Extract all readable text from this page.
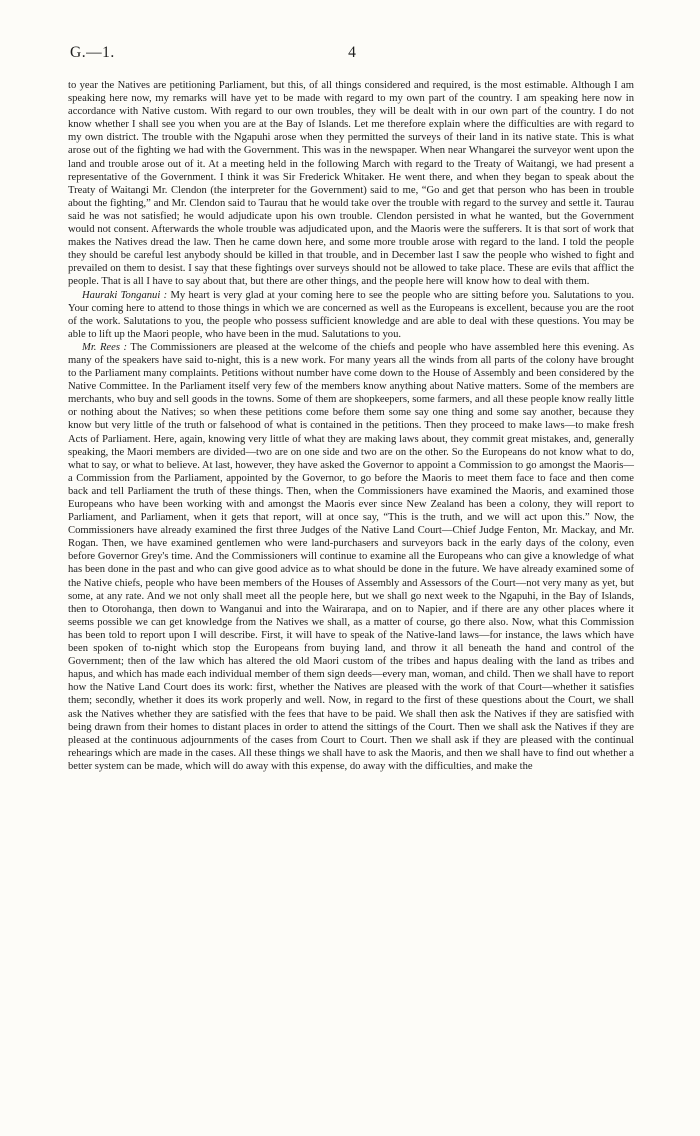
G.—1.	4

to year the Natives are petitioning Parliament, but this, of all things considered and required, is the most estimable. Although I am speaking here now, my remarks will have yet to be made with regard to my own part of the country. I am speaking here now in accordance with Native custom. With regard to our own troubles, they will be dealt with in our own part of the country. I do not know whether I shall see you when you are at the Bay of Islands. Let me therefore explain where the difficulties are with regard to my own district. The trouble with the Ngapuhi arose when they permitted the surveys of their land in its native state. This is what arose out of the fighting we had with the Government. This was in the newspaper. When near Whangarei the surveyor went upon the land and trouble arose out of it. At a meeting held in the following March with regard to the Treaty of Waitangi, we had present a representative of the Government. I think it was Sir Frederick Whitaker. He went there, and when they began to speak about the Treaty of Waitangi Mr. Clendon (the interpreter for the Government) said to me, “Go and get that person who has been in trouble about the fighting,” and Mr. Clendon said to Taurau that he would take over the trouble with regard to the survey and settle it. Taurau said he was not satisfied; he would adjudicate upon his own trouble. Clendon persisted in what he wanted, but the Government would not consent. Afterwards the whole trouble was adjudicated upon, and the Maoris were the sufferers. It is that sort of work that makes the Natives dread the law. Then he came down here, and some more trouble arose with regard to the land. I told the people they should be careful lest anybody should be killed in that trouble, and in December last I saw the people who wished to fight and prevailed on them to desist. I say that these fightings over surveys should not be allowed to take place. These are evils that afflict the people. That is all I have to say about that, but there are other things, and the people here will know how to deal with them.

Hauraki Tonganui : My heart is very glad at your coming here to see the people who are sitting before you. Salutations to you. Your coming here to attend to those things in which we are concerned as well as the Europeans is excellent, because you are the root of the work. Salutations to you, the people who possess sufficient knowledge and are able to deal with these questions. You may be able to lift up the Maori people, who have been in the mud. Salutations to you.

Mr. Rees : The Commissioners are pleased at the welcome of the chiefs and people who have assembled here this evening. As many of the speakers have said to-night, this is a new work. For many years all the winds from all parts of the colony have brought to the Parliament many complaints. Petitions without number have come down to the House of Assembly and been considered by the Native Committee. In the Parliament itself very few of the members know anything about Native matters. Some of the members are merchants, who buy and sell goods in the towns. Some of them are shopkeepers, some farmers, and all these people know really little or nothing about the Natives; so when these petitions come before them some say one thing and some say another, because they know but very little of the truth or falsehood of what is contained in the petitions. Then they proceed to make laws—to make fresh Acts of Parliament. Here, again, knowing very little of what they are making laws about, they commit great mistakes, and, generally speaking, the Maori members are divided—two are on one side and two are on the other. So the Europeans do not know what to do, what to say, or what to believe. At last, however, they have asked the Governor to appoint a Commission to go amongst the Maoris—a Commission from the Parliament, appointed by the Governor, to go before the Maoris to meet them face to face and then come back and tell Parliament the truth of these things. Then, when the Commissioners have examined the Maoris, and examined those Europeans who have been working with and amongst the Maoris ever since New Zealand has been a colony, they will report to Parliament, and Parliament, when it gets that report, will at once say, “This is the truth, and we will act upon this.” Now, the Commissioners have already examined the first three Judges of the Native Land Court—Chief Judge Fenton, Mr. Mackay, and Mr. Rogan. Then, we have examined gentlemen who were land-purchasers and surveyors back in the early days of the colony, even before Governor Grey's time. And the Commissioners will continue to examine all the Europeans who can give a knowledge of what has been done in the past and who can give good advice as to what should be done in the future. We have already examined some of the Native chiefs, people who have been members of the Houses of Assembly and Assessors of the Court—not very many as yet, but some, at any rate. And we not only shall meet all the people here, but we shall go next week to the Ngapuhi, in the Bay of Islands, then to Otorohanga, then down to Wanganui and into the Wairarapa, and on to Napier, and if there are any other places where it seems possible we can get knowledge from the Natives we shall, as a matter of course, go there also. Now, what this Commission has been told to report upon I will describe. First, it will have to speak of the Native-land laws—for instance, the laws which have been spoken of to-night which stop the Europeans from buying land, and throw it all beneath the hand and control of the Government; then of the law which has altered the old Maori custom of the tribes and hapus dealing with the land as tribes and hapus, and which has made each individual member of them sign deeds—every man, woman, and child. Then we shall have to report how the Native Land Court does its work: first, whether the Natives are pleased with the work of that Court—whether it satisfies them; secondly, whether it does its work properly and well. Now, in regard to the first of these questions about the Court, we shall ask the Natives whether they are satisfied with the fees that have to be paid. We shall then ask the Natives if they are satisfied with being drawn from their homes to distant places in order to attend the sittings of the Court. Then we shall ask the Natives if they are pleased at the continuous adjournments of the cases from Court to Court. Then we shall ask if they are pleased with the continual rehearings which are made in the cases. All these things we shall have to ask the Maoris, and then we shall have to find out whether a better system can be made, which will do away with this expense, do away with the difficulties, and make the
